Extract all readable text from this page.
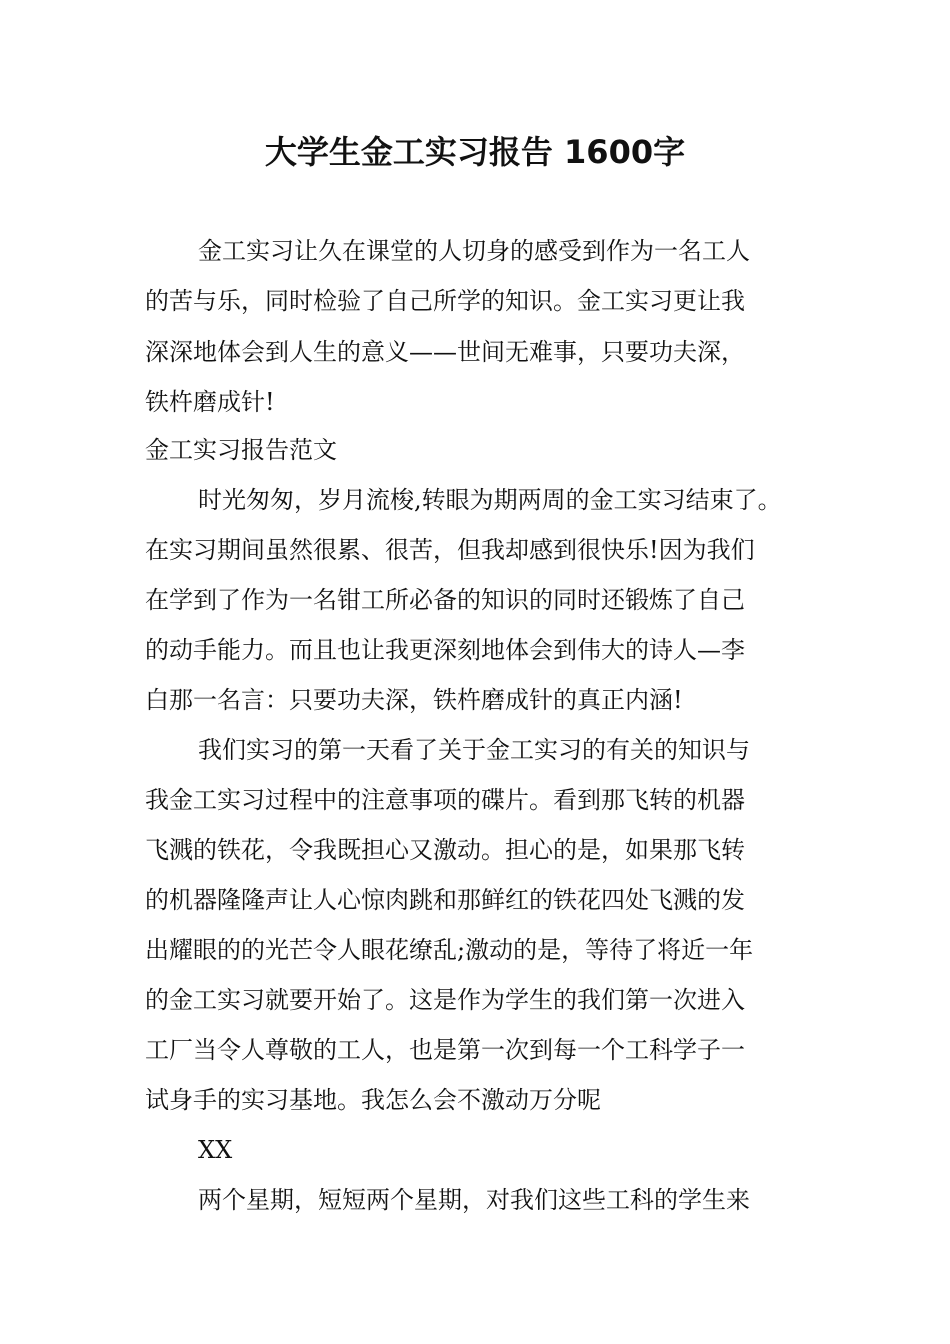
大学生金工实习报告 1600字

金工实习让久在课堂的人切身的感受到作为一名工人

的苦与乐，同时检验了自己所学的知识。金工实习更让我

深深地体会到人生的意义——世间无难事，只要功夫深，

铁杵磨成针!

金工实习报告范文

时光匆匆，岁月流梭,转眼为期两周的金工实习结束了。

在实习期间虽然很累、很苦，但我却感到很快乐!因为我们

在学到了作为一名钳工所必备的知识的同时还锻炼了自己

的动手能力。而且也让我更深刻地体会到伟大的诗人—李

白那一名言：只要功夫深，铁杵磨成针的真正内涵!

我们实习的第一天看了关于金工实习的有关的知识与

我金工实习过程中的注意事项的碟片。看到那飞转的机器

飞溅的铁花，令我既担心又激动。担心的是，如果那飞转

的机器隆隆声让人心惊肉跳和那鲜红的铁花四处飞溅的发

出耀眼的的光芒令人眼花缭乱;激动的是，等待了将近一年

的金工实习就要开始了。这是作为学生的我们第一次进入

工厂当令人尊敬的工人，也是第一次到每一个工科学子一

试身手的实习基地。我怎么会不激动万分呢

XX

两个星期，短短两个星期，对我们这些工科的学生来
